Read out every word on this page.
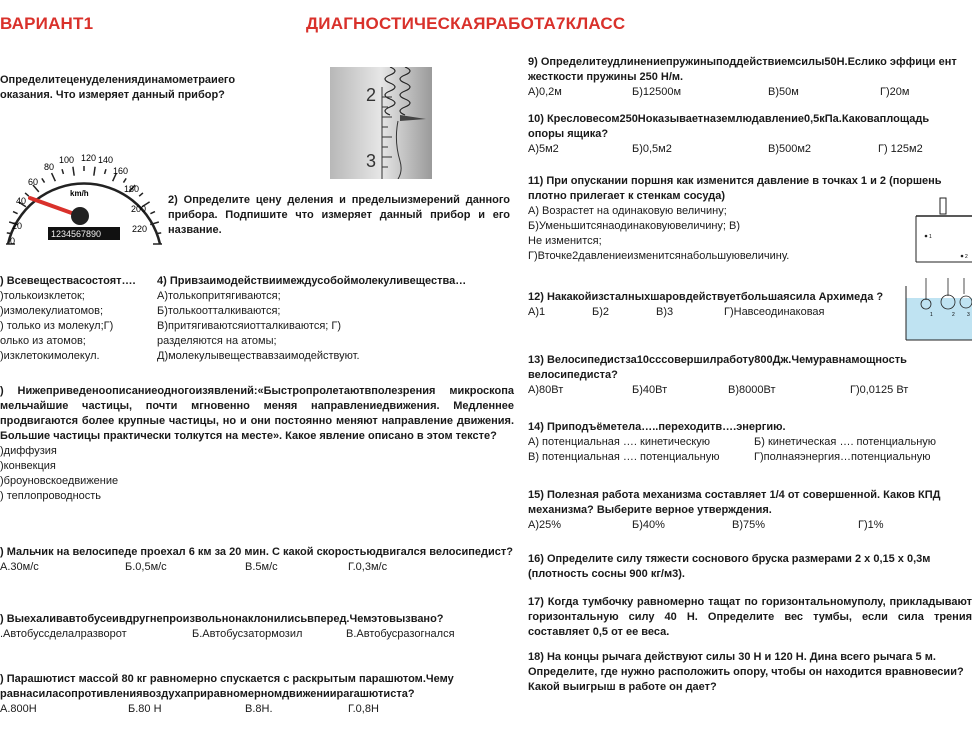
ВАРИАНТ1	ДИАГНОСТИЧЕСКАЯРАБОТА7КЛАСС
2
3
0
20
40
60
80
100 120 140
160
180
200
220
km/h
1234567890
Определитеценуделениядинамометраиего
оказания. Что измеряет данный прибор?
2) Определите цену деления и пределыизмерений данного прибора. Подпишите что измеряет данный прибор и его название.
) Всевеществасостоят….
)толькоизклеток;
)измолекулиатомов;
) только из молекул;Г)
олько из атомов;
)изклетокимолекул.
4) Привзаимодействиимеждусобоймолекуливещества…
А)толькопритягиваются;
Б)толькоотталкиваются;
В)притягиваютсяиотталкиваются; Г)
разделяются на атомы;
Д)молекулывеществавзаимодействуют.
) Нижеприведеноописаниеодногоизявлений:«Быстропролетаютвполезрения микроскопа мельчайшие частицы, почти мгновенно меняя направлениедвижения. Медленнее продвигаются более крупные частицы, но и они постоянно меняют направление движения. Большие частицы практически толкутся на месте». Какое явление описано в этом тексте?
)диффузия
)конвекция
)броуновскоедвижение
) теплопроводность
) Мальчик на велосипеде проехал 6 км за 20 мин. С какой скоростьюдвигался велосипедист?
А.30м/с	Б.0,5м/с	В.5м/с	Г.0,3м/с
) Выехаливавтобусеивдругнепроизвольнонаклонилисьвперед.Чемэтовызвано?
.Автобуссделалразворот	Б.Автобусзатормозил	В.Автобусразогнался
) Парашютист массой 80 кг равномерно спускается с раскрытым парашютом.Чему равнасиласопротивлениявоздухаприравномерномдвиженииparaшютиста?
А.800Н	Б.80 Н	В.8Н.	Г.0,8Н
9) Определитеудлинениепружиныподдействиемсилы50Н.Еслико эффици ент жесткости пружины 250 Н/м.
А)0,2м	Б)12500м	В)50м	Г)20м
10) Кресловесом250Нoказываетназемлюдавление0,5кПа.Каковаплощадь опоры ящика?
А)5м2	Б)0,5м2	В)500м2	Г) 125м2
11) При опускании поршня как изменится давление в точках 1 и 2 (поршень плотно прилегает к стенкам сосуда)
А) Возрастет на одинаковую величину;
Б)Уменьшитсянаодинаковуювеличину; В)
Не изменится;
Г)Вточке2давлениеизменитсянабольшуювеличину.
1
2
12) Накакойизсталныхшаровдействуетбольшаясила Архимеда ?
А)1	Б)2	В)3	Г)Навсеодинаковая	1	2 3
13) Велосипедистза10сссовершилработу800Дж.Чемуравнамощность велосипедиста?
А)80Вт	Б)40Вт	В)8000Вт	Г)0,0125 Вт
14) Приподъёметела…..переходитв….энергию.
А) потенциальная …. кинетическую	Б) кинетическая …. потенциальную
В) потенциальная …. потенциальную	Г)полнаяэнергия…потенциальную
15) Полезная работа механизма составляет 1/4 от совершенной. Каков КПД механизма? Выберите верное утверждения.
А)25%	Б)40%	В)75%	Г)1%
16) Определите силу тяжести соснового бруска размерами 2 х 0,15 х 0,3м (плотность сосны 900 кг/м3).
17) Когда тумбочку равномерно тащат по горизонтальномуполу, прикладывают горизонтальную силу 40 Н. Определите вес тумбы, если сила трения составляет 0,5 от ее веса.
18) На концы рычага действуют силы 30 Н и 120 Н. Дина всего рычага 5 м. Определите, где нужно расположить опору, чтобы он находится вравновесии? Какой выигрыш в работе он дает?
